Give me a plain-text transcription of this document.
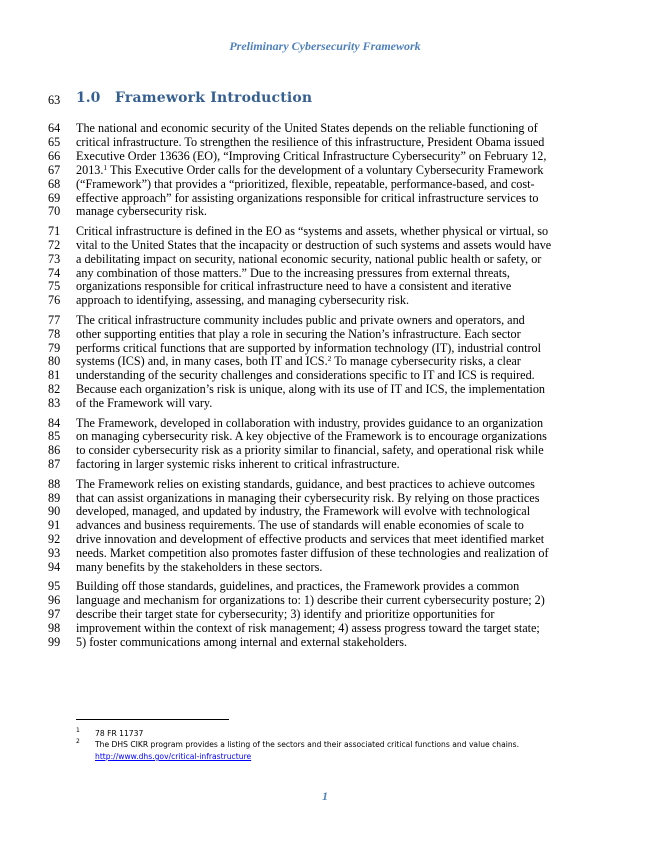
Preliminary Cybersecurity Framework
63 1.0 Framework Introduction
64 The national and economic security of the United States depends on the reliable functioning of
65 critical infrastructure. To strengthen the resilience of this infrastructure, President Obama issued
66 Executive Order 13636 (EO), “Improving Critical Infrastructure Cybersecurity” on February 12,
67 2013.$^1$ This Executive Order calls for the development of a voluntary Cybersecurity Framework
68 (“Framework”) that provides a “prioritized, flexible, repeatable, performance-based, and cost-
69 effective approach” for assisting organizations responsible for critical infrastructure services to
70 manage cybersecurity risk.
71 Critical infrastructure is defined in the EO as “systems and assets, whether physical or virtual, so
72 vital to the United States that the incapacity or destruction of such systems and assets would have
73 a debilitating impact on security, national economic security, national public health or safety, or
74 any combination of those matters.” Due to the increasing pressures from external threats,
75 organizations responsible for critical infrastructure need to have a consistent and iterative
76 approach to identifying, assessing, and managing cybersecurity risk.
77 The critical infrastructure community includes public and private owners and operators, and
78 other supporting entities that play a role in securing the Nation’s infrastructure. Each sector
79 performs critical functions that are supported by information technology (IT), industrial control
80 systems (ICS) and, in many cases, both IT and ICS.$^2$ To manage cybersecurity risks, a clear
81 understanding of the security challenges and considerations specific to IT and ICS is required.
82 Because each organization’s risk is unique, along with its use of IT and ICS, the implementation
83 of the Framework will vary.
84 The Framework, developed in collaboration with industry, provides guidance to an organization
85 on managing cybersecurity risk. A key objective of the Framework is to encourage organizations
86 to consider cybersecurity risk as a priority similar to financial, safety, and operational risk while
87 factoring in larger systemic risks inherent to critical infrastructure.
88 The Framework relies on existing standards, guidance, and best practices to achieve outcomes
89 that can assist organizations in managing their cybersecurity risk. By relying on those practices
90 developed, managed, and updated by industry, the Framework will evolve with technological
91 advances and business requirements. The use of standards will enable economies of scale to
92 drive innovation and development of effective products and services that meet identified market
93 needs. Market competition also promotes faster diffusion of these technologies and realization of
94 many benefits by the stakeholders in these sectors.
95 Building off those standards, guidelines, and practices, the Framework provides a common
96 language and mechanism for organizations to: 1) describe their current cybersecurity posture; 2)
97 describe their target state for cybersecurity; 3) identify and prioritize opportunities for
98 improvement within the context of risk management; 4) assess progress toward the target state;
99 5) foster communications among internal and external stakeholders.
1 78 FR 11737
2 The DHS CIKR program provides a listing of the sectors and their associated critical functions and value chains.
http://www.dhs.gov/critical-infrastructure
1
